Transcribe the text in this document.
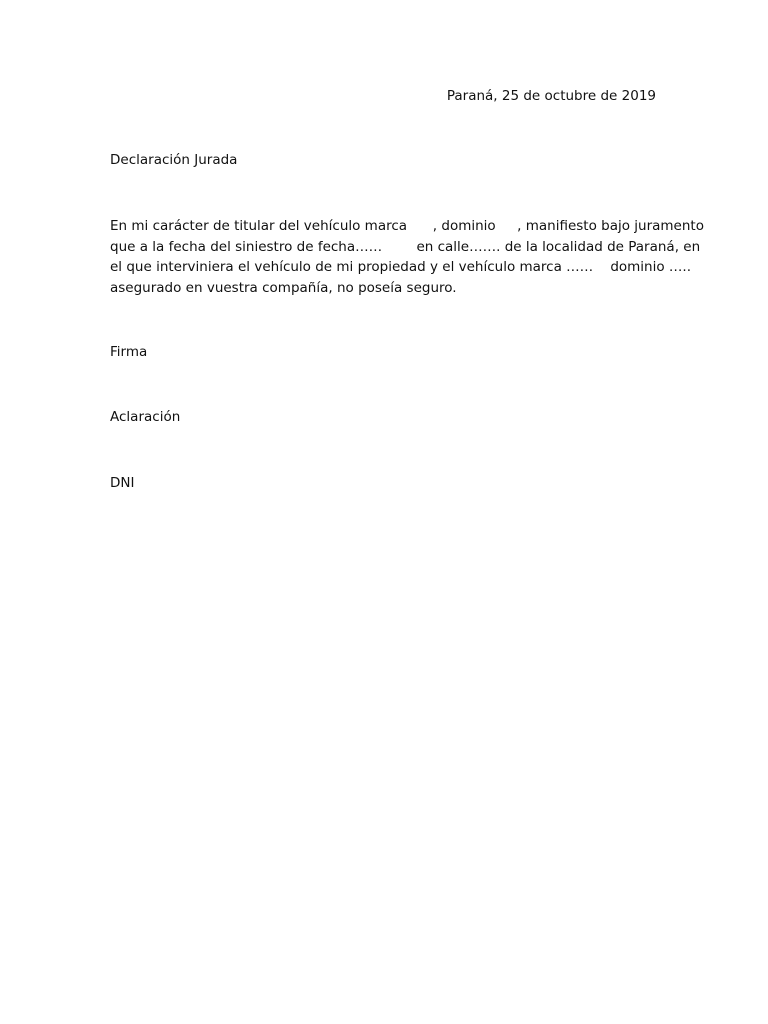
Paraná, 25 de octubre de 2019
Declaración Jurada
En mi carácter de titular del vehículo marca      , dominio     , manifiesto bajo juramento
que a la fecha del siniestro de fecha……        en calle……. de la localidad de Paraná, en
el que interviniera el vehículo de mi propiedad y el vehículo marca ……    dominio …..
asegurado en vuestra compañía, no poseía seguro.
Firma
Aclaración
DNI
